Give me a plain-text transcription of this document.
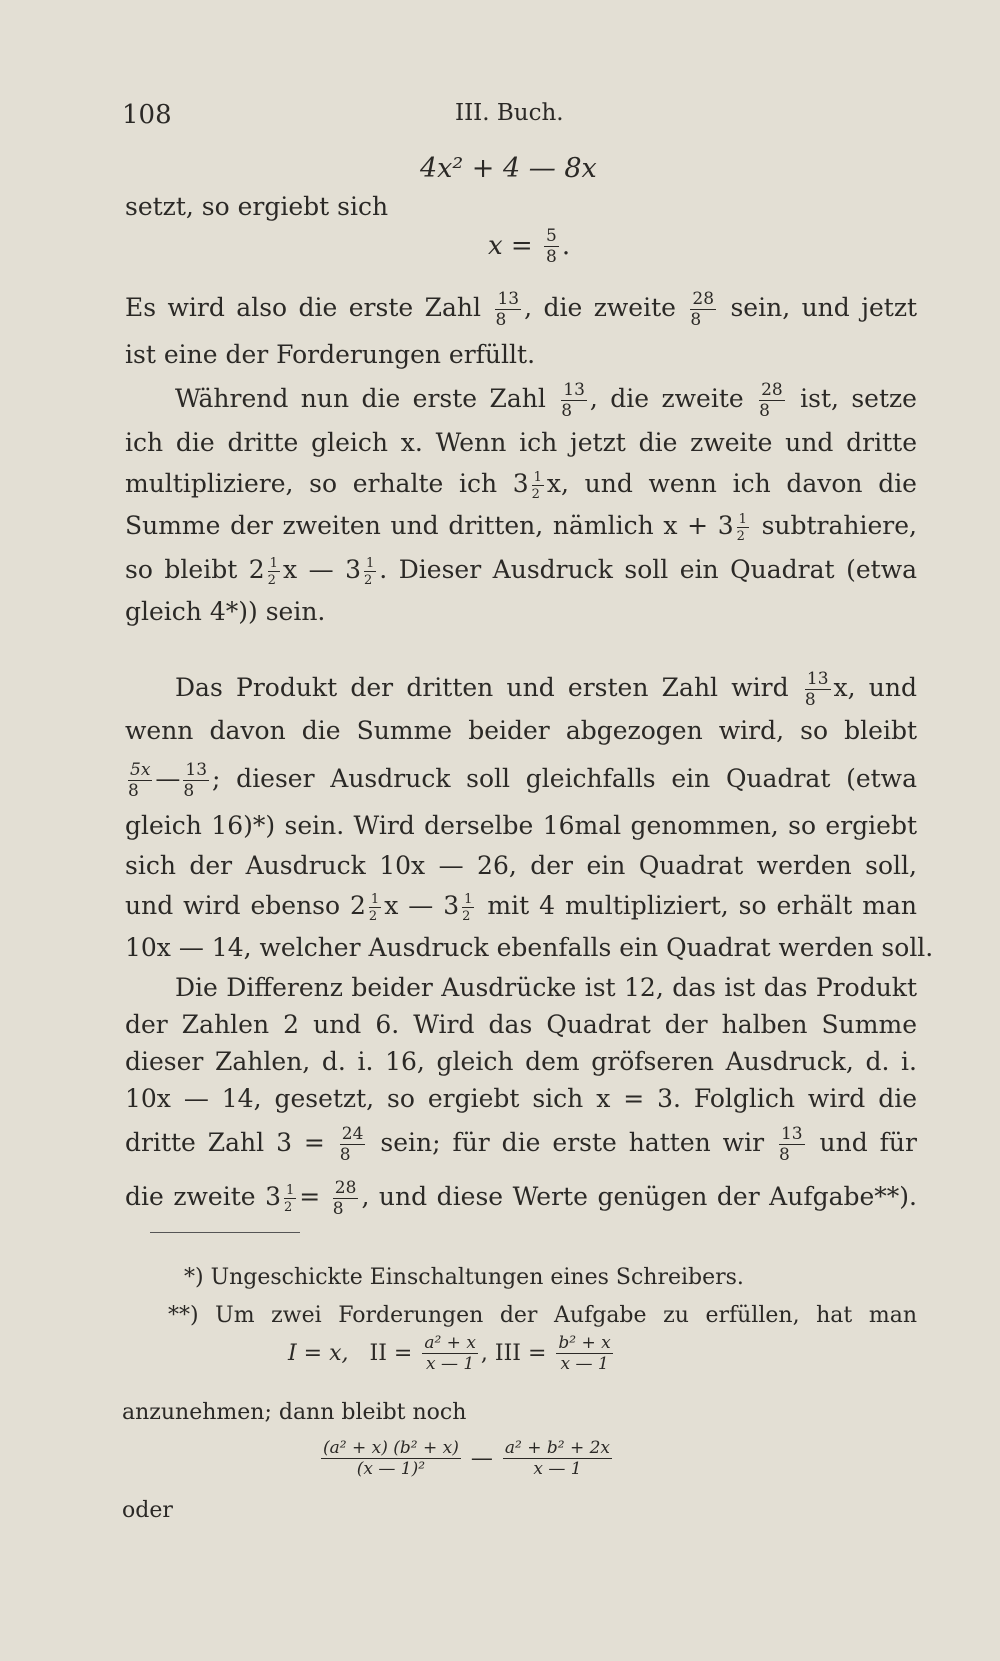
108	III. Buch.
4x² + 4 — 8x
setzt, so ergiebt sich
$x = \frac{5}{8}$ .
Es wird also die erste Zahl $\frac{13}{8}$ , die zweite $\frac{28}{8}$ sein, und jetzt
ist eine der Forderungen erfüllt.
Während nun die erste Zahl $\frac{13}{8}$ , die zweite $\frac{28}{8}$ ist, setze
ich die dritte gleich x. Wenn ich jetzt die zweite und dritte
multipliziere, so erhalte ich $3 \frac{1}{2} x$, und wenn ich davon die
Summe der zweiten und dritten, nämlich $x + 3 \frac{1}{2}$ subtrahiere,
so bleibt $2 \frac{1}{2}$ x — $3 \frac{1}{2}$ . Dieser Ausdruck soll ein Quadrat (etwa
gleich 4*)) sein.
Das Produkt der dritten und ersten Zahl wird $\frac{13}{8} x$, und
wenn davon die Summe beider abgezogen wird, so bleibt
$\frac{5x}{8}$ — $\frac{13}{8}$ ; dieser Ausdruck soll gleichfalls ein Quadrat (etwa
gleich 16)*) sein. Wird derselbe 16mal genommen, so ergiebt
sich der Ausdruck 10x — 26, der ein Quadrat werden soll,
und wird ebenso $2 \frac{1}{2}$ x — $3 \frac{1}{2}$ mit 4 multipliziert, so erhält man
10x — 14, welcher Ausdruck ebenfalls ein Quadrat werden soll.
Die Differenz beider Ausdrücke ist 12, das ist das Produkt
der Zahlen 2 und 6. Wird das Quadrat der halben Summe
dieser Zahlen, d. i. 16, gleich dem gröfseren Ausdruck, d. i.
10x — 14, gesetzt, so ergiebt sich x = 3. Folglich wird die
dritte Zahl $3 = \frac{24}{8}$ sein; für die erste hatten wir $\frac{13}{8}$ und für
die zweite $3 \frac{1}{2} = \frac{28}{8}$ , und diese Werte genügen der Aufgabe**).
*) Ungeschickte Einschaltungen eines Schreibers.
**) Um zwei Forderungen der Aufgabe zu erfüllen, hat man
I = x, II = $\frac{\text{a² + x}}{x — 1}$ , III = $\frac{\text{b² + x}}{x — 1}$
anzunehmen; dann bleibt noch
$\frac{\text{(a² + x) (b² + x)}}{\text{(x — 1)²}}$ — $\frac{\text{a² + b² + 2x}}{x — 1}$
oder
